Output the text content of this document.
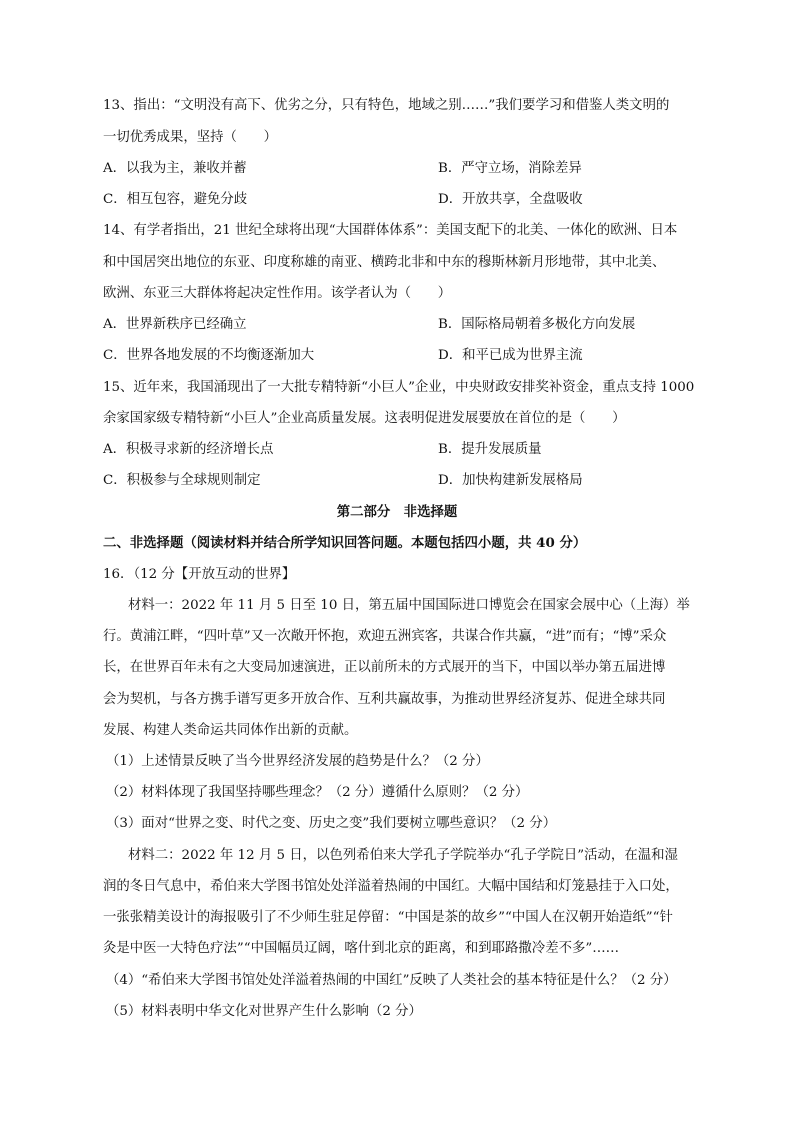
13、指出：“文明没有高下、优劣之分，只有特色，地域之别……”我们要学习和借鉴人类文明的
一切优秀成果，坚持（　　）
A．以我为主，兼收并蓄	B．严守立场，消除差异
C．相互包容，避免分歧	D．开放共享，全盘吸收
14、有学者指出，21 世纪全球将出现“大国群体体系”：美国支配下的北美、一体化的欧洲、日本
和中国居突出地位的东亚、印度称雄的南亚、横跨北非和中东的穆斯林新月形地带，其中北美、
欧洲、东亚三大群体将起决定性作用。该学者认为（　　）
A．世界新秩序已经确立	B．国际格局朝着多极化方向发展
C．世界各地发展的不均衡逐渐加大	D．和平已成为世界主流
15、近年来，我国涌现出了一大批专精特新“小巨人”企业，中央财政安排奖补资金，重点支持 1000
余家国家级专精特新“小巨人”企业高质量发展。这表明促进发展要放在首位的是（　　）
A．积极寻求新的经济增长点	B．提升发展质量
C．积极参与全球规则制定	D．加快构建新发展格局
第二部分　非选择题
二、非选择题（阅读材料并结合所学知识回答问题。本题包括四小题，共 40 分）
16．（12 分【开放互动的世界】
材料一：2022 年 11 月 5 日至 10 日，第五届中国国际进口博览会在国家会展中心（上海）举
行。黄浦江畔，“四叶草”又一次敞开怀抱，欢迎五洲宾客，共谋合作共赢，“进”而有；“博”采众
长，在世界百年未有之大变局加速演进，正以前所未的方式展开的当下，中国以举办第五届进博
会为契机，与各方携手谱写更多开放合作、互利共赢故事，为推动世界经济复苏、促进全球共同
发展、构建人类命运共同体作出新的贡献。
（1）上述情景反映了当今世界经济发展的趋势是什么？（2 分）
（2）材料体现了我国坚持哪些理念？（2 分）遵循什么原则？（2 分）
（3）面对“世界之变、时代之变、历史之变”我们要树立哪些意识？（2 分）
材料二：2022 年 12 月 5 日，以色列希伯来大学孔子学院举办“孔子学院日”活动，在温和湿
润的冬日气息中，希伯来大学图书馆处处洋溢着热闹的中国红。大幅中国结和灯笼悬挂于入口处，
一张张精美设计的海报吸引了不少师生驻足停留：“中国是茶的故乡”“中国人在汉朝开始造纸”“针
灸是中医一大特色疗法”“中国幅员辽阔，喀什到北京的距离，和到耶路撒冷差不多”……
（4）“希伯来大学图书馆处处洋溢着热闹的中国红”反映了人类社会的基本特征是什么？（2 分）
（5）材料表明中华文化对世界产生什么影响（2 分）
